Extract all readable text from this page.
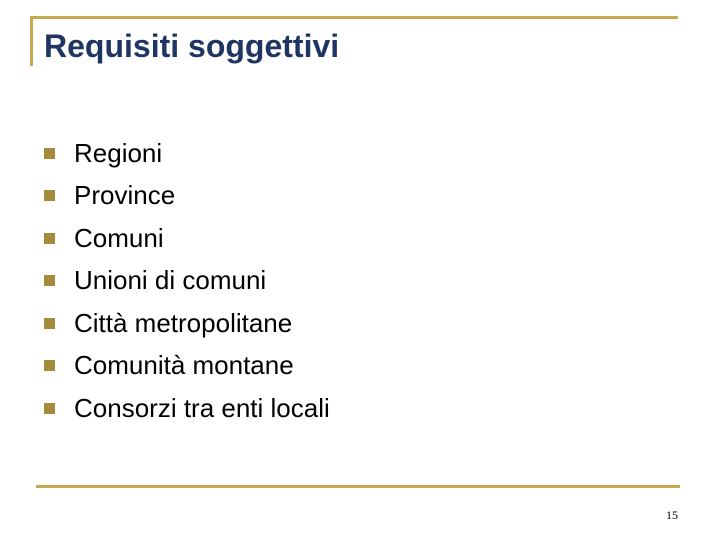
Requisiti soggettivi
Regioni
Province
Comuni
Unioni di comuni
Città metropolitane
Comunità montane
Consorzi tra enti locali
15
